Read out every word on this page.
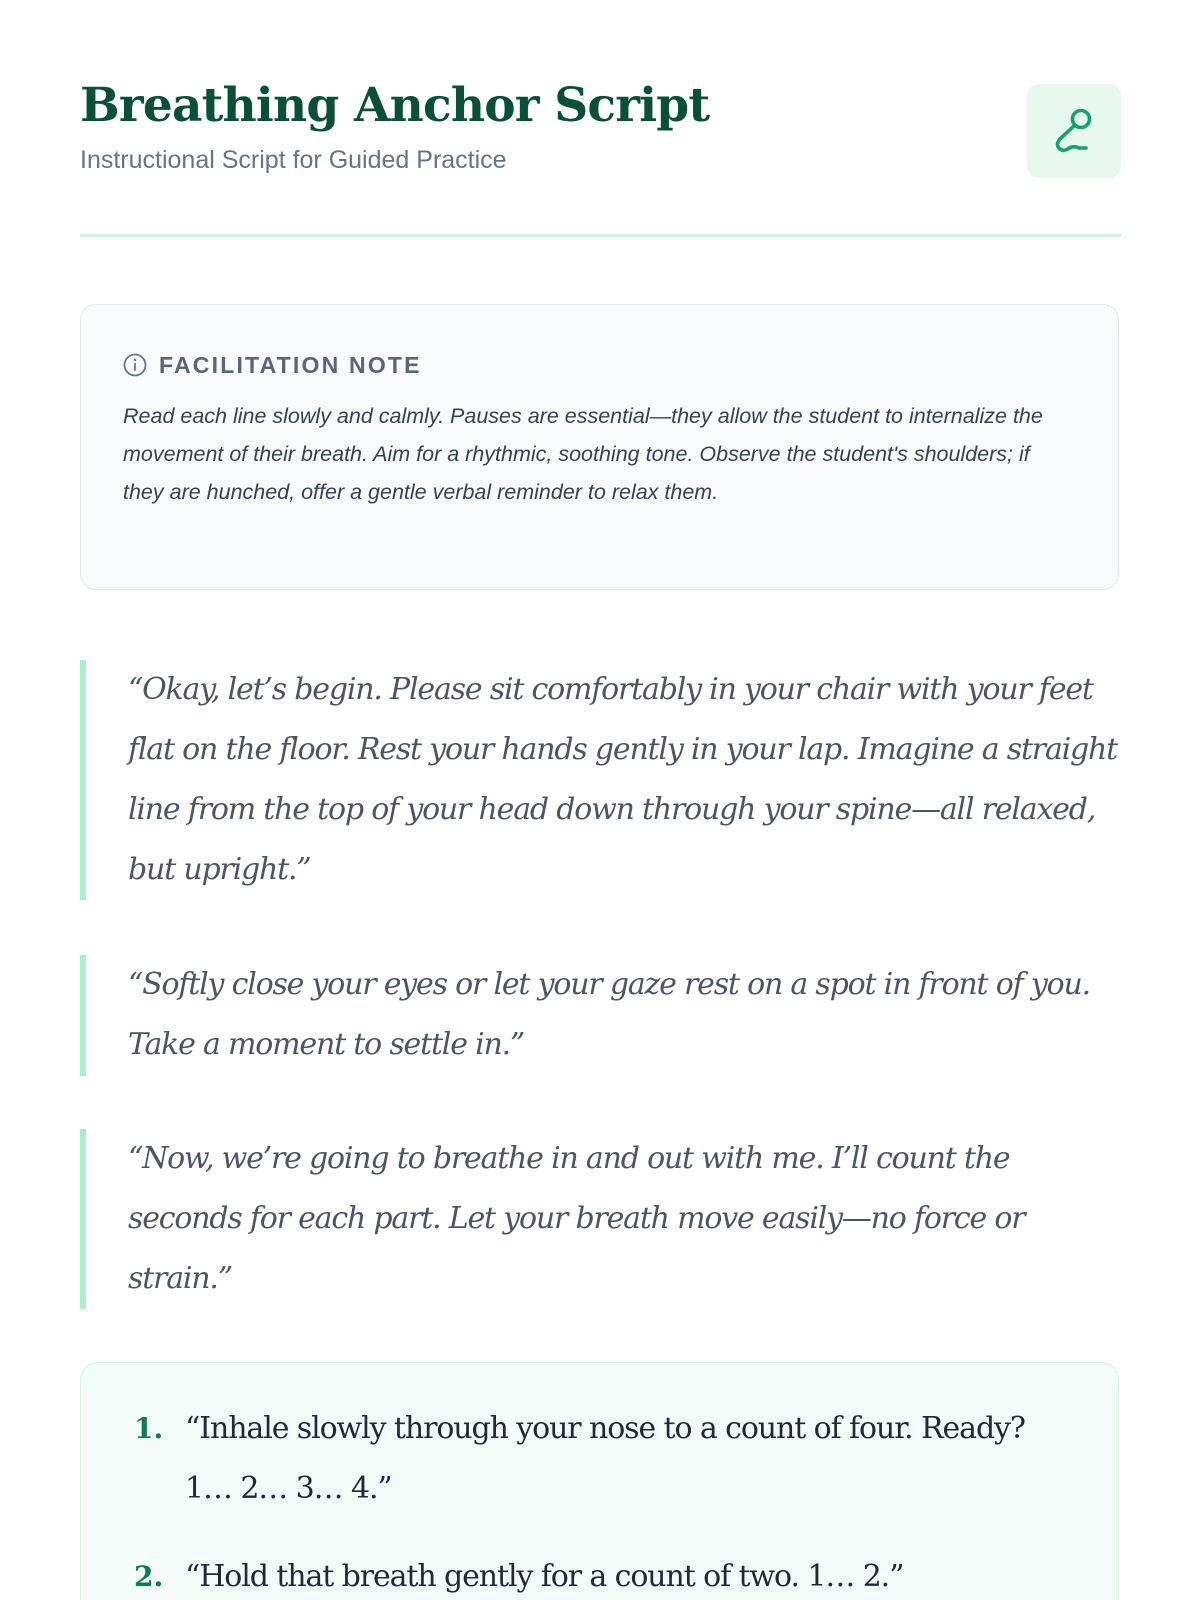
Breathing Anchor Script
Instructional Script for Guided Practice
FACILITATION NOTE

Read each line slowly and calmly. Pauses are essential—they allow the student to internalize the movement of their breath. Aim for a rhythmic, soothing tone. Observe the student's shoulders; if they are hunched, offer a gentle verbal reminder to relax them.

“Okay, let’s begin. Please sit comfortably in your chair with your feet flat on the floor. Rest your hands gently in your lap. Imagine a straight line from the top of your head down through your spine—all relaxed, but upright.”

“Softly close your eyes or let your gaze rest on a spot in front of you. Take a moment to settle in.”

“Now, we’re going to breathe in and out with me. I’ll count the seconds for each part. Let your breath move easily—no force or strain.”

1. “Inhale slowly through your nose to a count of four. Ready? 1… 2… 3… 4.”
2. “Hold that breath gently for a count of two. 1… 2.”
